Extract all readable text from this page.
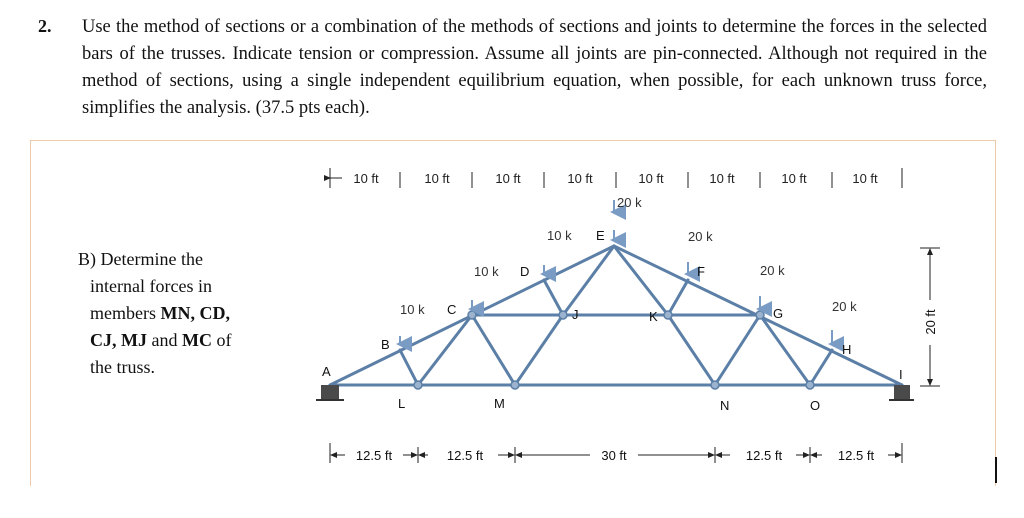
2. Use the method of sections or a combination of the methods of sections and joints to determine the forces in the selected bars of the trusses. Indicate tension or compression. Assume all joints are pin-connected. Although not required in the method of sections, using a single independent equilibrium equation, when possible, for each unknown truss force, simplifies the analysis. (37.5 pts each).
B) Determine the

internal forces in
members MN, CD,
CJ, MJ and MC of
the truss.
10 ft	10 ft	10 ft	10 ft	10 ft	10 ft	10 ft	10 ft
10 k
10 k
10 k
20 k
20 k
20 k
20 k
A
B
C
D
E
F
G
H
I
J	K
L	M	N	O
20 ft
12.5 ft	12.5 ft	30 ft	12.5 ft	12.5 ft
